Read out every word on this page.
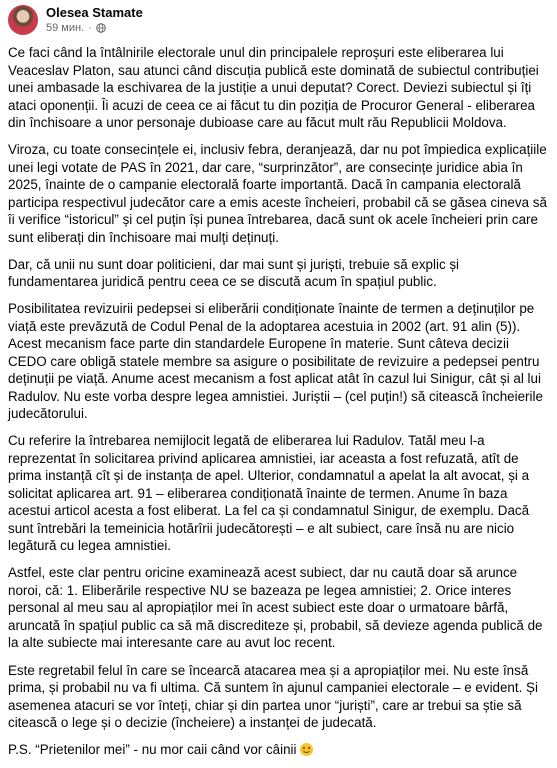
Olesea Stamate
59 мин. ·

Ce faci când la întâlnirile electorale unul din principalele reproșuri este eliberarea lui Veaceslav Platon, sau atunci când discuția publică este dominată de subiectul contribuției unei ambasade la eschivarea de la justiție a unui deputat? Corect. Deviezi subiectul și îți ataci oponenții. Îi acuzi de ceea ce ai făcut tu din poziția de Procuror General - eliberarea din închisoare a unor personaje dubioase care au făcut mult rău Republicii Moldova.

Viroza, cu toate consecințele ei, inclusiv febra, deranjează, dar nu pot împiedica explicațiile unei legi votate de PAS în 2021, dar care, “surprinzător”, are consecințe juridice abia în 2025, înainte de o campanie electorală foarte importantă. Dacă în campania electorală participa respectivul judecător care a emis aceste încheieri, probabil că se găsea cineva să îi verifice “istoricul” și cel puțin își punea întrebarea, dacă sunt ok acele încheieri prin care sunt eliberați din închisoare mai mulți deținuți.

Dar, că unii nu sunt doar politicieni, dar mai sunt și juriști, trebuie să explic și fundamentarea juridică pentru ceea ce se discută acum în spațiul public.

Posibilitatea revizuirii pedepsei si eliberării condiționate înainte de termen a deținuților pe viață este prevăzută de Codul Penal de la adoptarea acestuia in 2002 (art. 91 alin (5)). Acest mecanism face parte din standardele Europene în materie. Sunt câteva decizii CEDO care obligă statele membre sa asigure o posibilitate de revizuire a pedepsei pentru deținuții pe viață. Anume acest mecanism a fost aplicat atât în cazul lui Sinigur, cât și al lui Radulov. Nu este vorba despre legea amnistiei. Juriștii – (cel puțin!) să citească încheierile judecătorului.

Cu referire la întrebarea nemijlocit legată de eliberarea lui Radulov. Tatăl meu l-a reprezentat în solicitarea privind aplicarea amnistiei, iar aceasta a fost refuzată, atît de prima instanță cît și de instanța de apel. Ulterior, condamnatul a apelat la alt avocat, și a solicitat aplicarea art. 91 – eliberarea condiționată înainte de termen. Anume în baza acestui articol acesta a fost eliberat. La fel ca și condamnatul Sinigur, de exemplu. Dacă sunt întrebări la temeinicia hotărîrii judecătorești – e alt subiect, care însă nu are nicio legătură cu legea amnistiei.

Astfel, este clar pentru oricine examinează acest subiect, dar nu caută doar să arunce noroi, că: 1. Eliberările respective NU se bazeaza pe legea amnistiei; 2. Orice interes personal al meu sau al apropiaților mei în acest subiect este doar o urmatoare bârfă, aruncată în spațiul public ca să mă discrediteze și, probabil, să devieze agenda publică de la alte subiecte mai interesante care au avut loc recent.

Este regretabil felul în care se încearcă atacarea mea și a apropiaților mei. Nu este însă prima, și probabil nu va fi ultima. Că suntem în ajunul campaniei electorale – e evident. Și asemenea atacuri se vor înteți, chiar și din partea unor “juriști”, care ar trebui sa știe să citească o lege și o decizie (încheiere) a instanței de judecată.

P.S. “Prietenilor mei” - nu mor caii când vor câinii
